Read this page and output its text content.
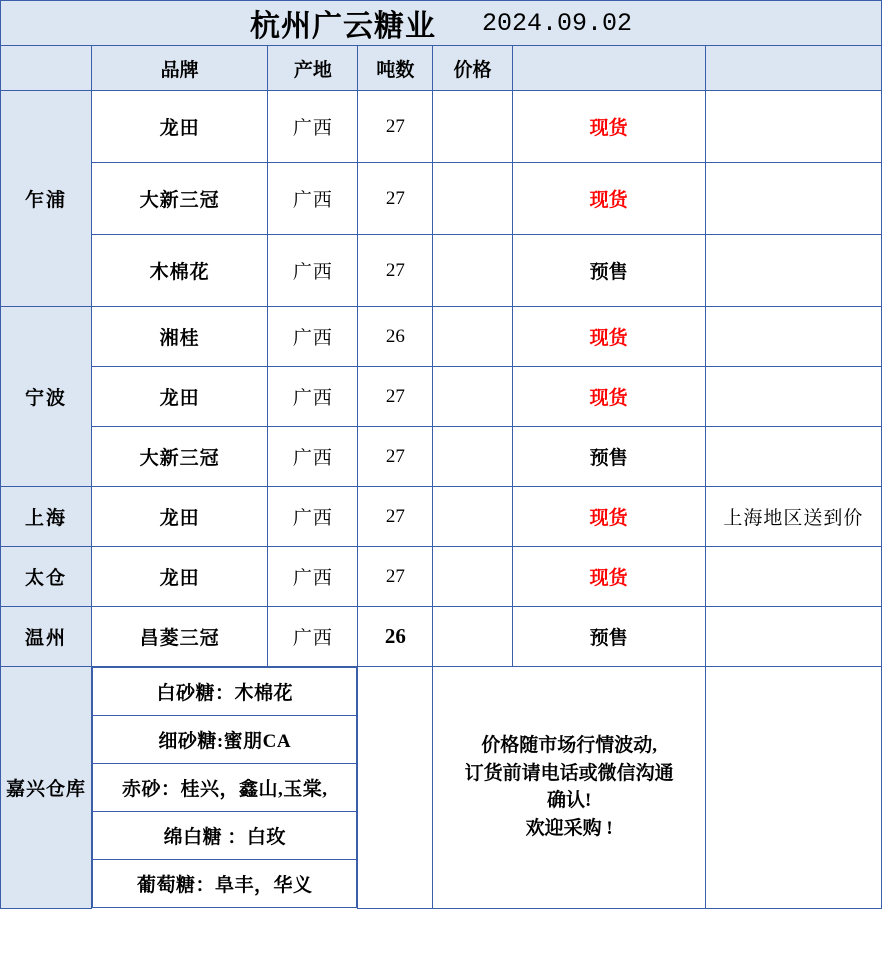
杭州广云糖业 2024.09.02

	品牌	产地	吨数	价格		
乍浦	龙田	广西	27		现货	
大新三冠	广西	27		现货	
木棉花	广西	27		预售	
宁波	湘桂	广西	26		现货	
龙田	广西	27		现货	
大新三冠	广西	27		预售	
上海	龙田	广西	27		现货	上海地区送到价
太仓	龙田	广西	27		现货	
温州	昌菱三冠	广西	26		预售	
嘉兴仓库	
白砂糖：木棉花
细砂糖:蜜朋CA
赤砂：桂兴，鑫山,玉棠,
绵白糖 ：白玫
葡萄糖：阜丰，华义

价格随市场行情波动,
订货前请电话或微信沟通
确认!
欢迎采购 !
